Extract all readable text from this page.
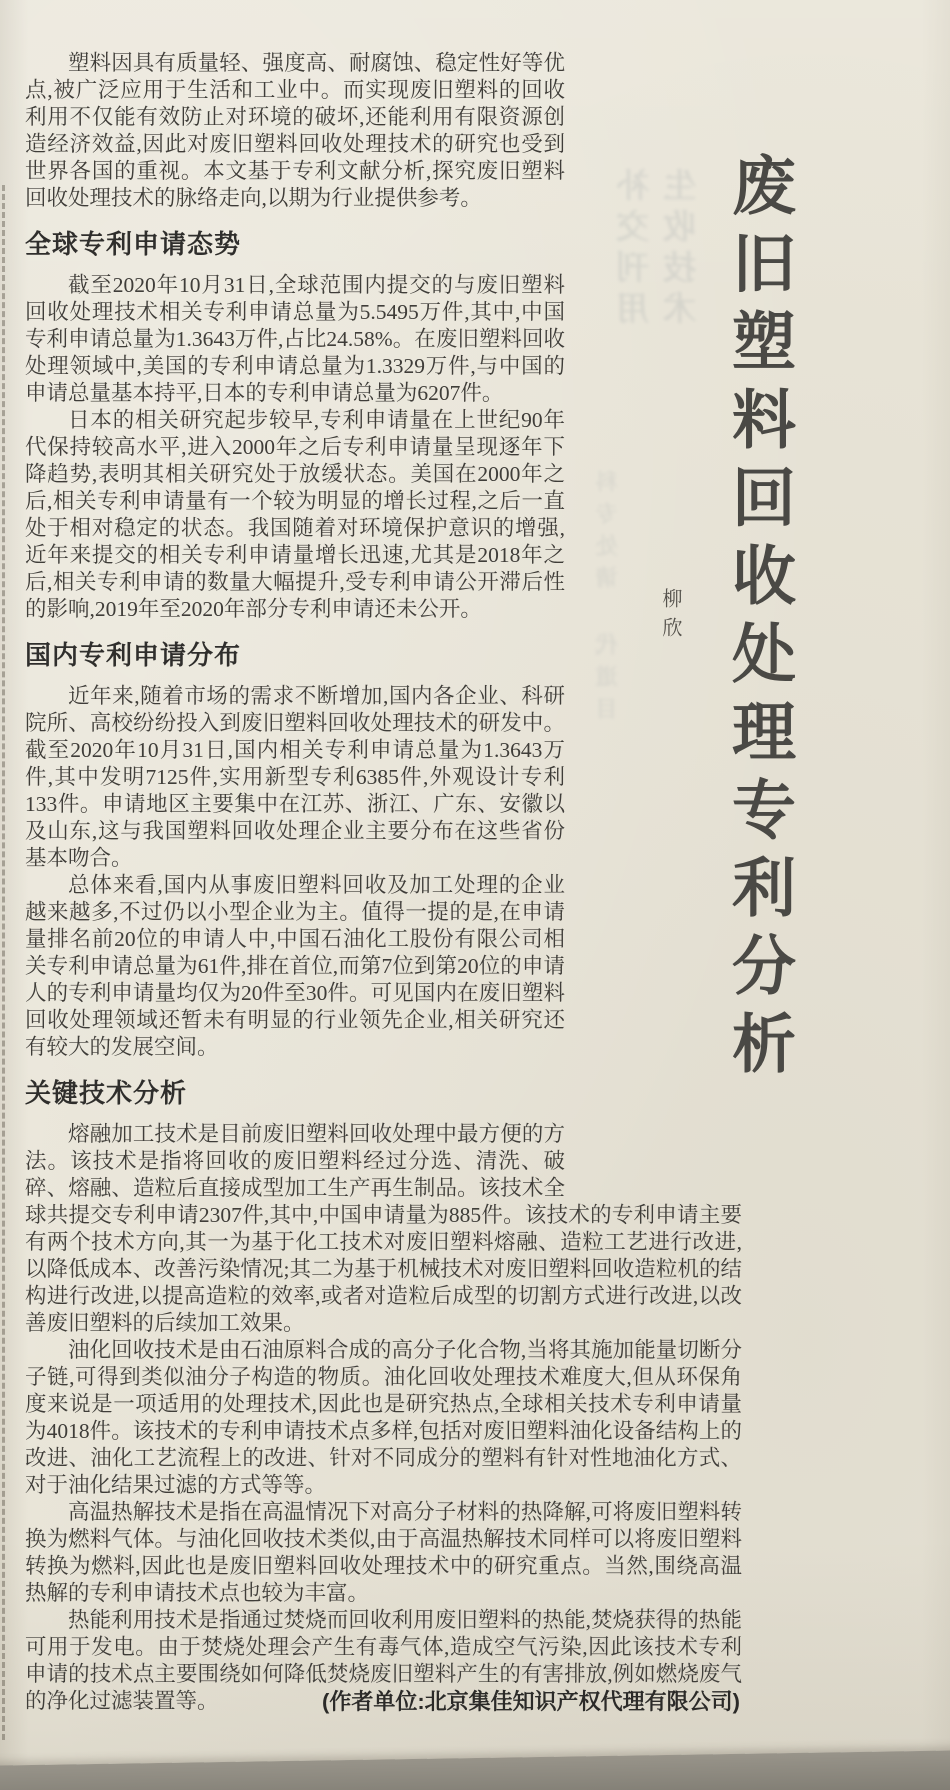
补交刊用 生收技术
科专处请 代道目 废旧塑料回收处理专利分析
柳欣

塑料因具有质量轻、强度高、耐腐蚀、稳定性好等优点,被广泛应用于生活和工业中。而实现废旧塑料的回收利用不仅能有效防止对环境的破坏,还能利用有限资源创造经济效益,因此对废旧塑料回收处理技术的研究也受到世界各国的重视。本文基于专利文献分析,探究废旧塑料回收处理技术的脉络走向,以期为行业提供参考。

全球专利申请态势

截至2020年10月31日,全球范围内提交的与废旧塑料回收处理技术相关专利申请总量为5.5495万件,其中,中国专利申请总量为1.3643万件,占比24.58%。在废旧塑料回收处理领域中,美国的专利申请总量为1.3329万件,与中国的申请总量基本持平,日本的专利申请总量为6207件。

日本的相关研究起步较早,专利申请量在上世纪90年代保持较高水平,进入2000年之后专利申请量呈现逐年下降趋势,表明其相关研究处于放缓状态。美国在2000年之后,相关专利申请量有一个较为明显的增长过程,之后一直处于相对稳定的状态。我国随着对环境保护意识的增强,近年来提交的相关专利申请量增长迅速,尤其是2018年之后,相关专利申请的数量大幅提升,受专利申请公开滞后性的影响,2019年至2020年部分专利申请还未公开。

国内专利申请分布

近年来,随着市场的需求不断增加,国内各企业、科研院所、高校纷纷投入到废旧塑料回收处理技术的研发中。截至2020年10月31日,国内相关专利申请总量为1.3643万件,其中发明7125件,实用新型专利6385件,外观设计专利133件。申请地区主要集中在江苏、浙江、广东、安徽以及山东,这与我国塑料回收处理企业主要分布在这些省份基本吻合。

总体来看,国内从事废旧塑料回收及加工处理的企业越来越多,不过仍以小型企业为主。值得一提的是,在申请量排名前20位的申请人中,中国石油化工股份有限公司相关专利申请总量为61件,排在首位,而第7位到第20位的申请人的专利申请量均仅为20件至30件。可见国内在废旧塑料回收处理领域还暂未有明显的行业领先企业,相关研究还有较大的发展空间。

关键技术分析

熔融加工技术是目前废旧塑料回收处理中最方便的方法。该技术是指将回收的废旧塑料经过分选、清洗、破碎、熔融、造粒后直接成型加工生产再生制品。该技术全球共提交专利申请2307件,其中,中国申请量为885件。该技术的专利申请主要有两个技术方向,其一为基于化工技术对废旧塑料熔融、造粒工艺进行改进,以降低成本、改善污染情况;其二为基于机械技术对废旧塑料回收造粒机的结构进行改进,以提高造粒的效率,或者对造粒后成型的切割方式进行改进,以改善废旧塑料的后续加工效果。

油化回收技术是由石油原料合成的高分子化合物,当将其施加能量切断分子链,可得到类似油分子构造的物质。油化回收处理技术难度大,但从环保角度来说是一项适用的处理技术,因此也是研究热点,全球相关技术专利申请量为4018件。该技术的专利申请技术点多样,包括对废旧塑料油化设备结构上的改进、油化工艺流程上的改进、针对不同成分的塑料有针对性地油化方式、对于油化结果过滤的方式等等。

高温热解技术是指在高温情况下对高分子材料的热降解,可将废旧塑料转换为燃料气体。与油化回收技术类似,由于高温热解技术同样可以将废旧塑料转换为燃料,因此也是废旧塑料回收处理技术中的研究重点。当然,围绕高温热解的专利申请技术点也较为丰富。

热能利用技术是指通过焚烧而回收利用废旧塑料的热能,焚烧获得的热能可用于发电。由于焚烧处理会产生有毒气体,造成空气污染,因此该技术专利申请的技术点主要围绕如何降低焚烧废旧塑料产生的有害排放,例如燃烧废气的净化过滤装置等。	(作者单位:北京集佳知识产权代理有限公司)
